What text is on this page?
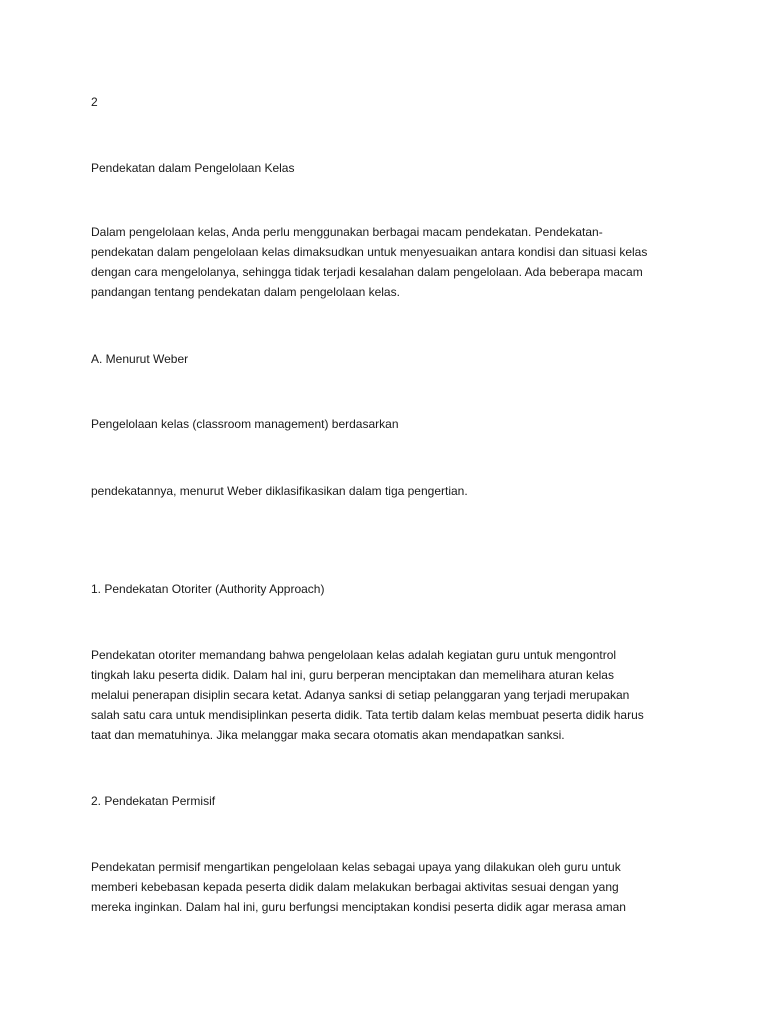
2

Pendekatan dalam Pengelolaan Kelas

Dalam pengelolaan kelas, Anda perlu menggunakan berbagai macam pendekatan. Pendekatan-
pendekatan dalam pengelolaan kelas dimaksudkan untuk menyesuaikan antara kondisi dan situasi kelas
dengan cara mengelolanya, sehingga tidak terjadi kesalahan dalam pengelolaan. Ada beberapa macam
pandangan tentang pendekatan dalam pengelolaan kelas.

A. Menurut Weber

Pengelolaan kelas (classroom management) berdasarkan

pendekatannya, menurut Weber diklasifikasikan dalam tiga pengertian.

1. Pendekatan Otoriter (Authority Approach)

Pendekatan otoriter memandang bahwa pengelolaan kelas adalah kegiatan guru untuk mengontrol
tingkah laku peserta didik. Dalam hal ini, guru berperan menciptakan dan memelihara aturan kelas
melalui penerapan disiplin secara ketat. Adanya sanksi di setiap pelanggaran yang terjadi merupakan
salah satu cara untuk mendisiplinkan peserta didik. Tata tertib dalam kelas membuat peserta didik harus
taat dan mematuhinya. Jika melanggar maka secara otomatis akan mendapatkan sanksi.

2. Pendekatan Permisif

Pendekatan permisif mengartikan pengelolaan kelas sebagai upaya yang dilakukan oleh guru untuk
memberi kebebasan kepada peserta didik dalam melakukan berbagai aktivitas sesuai dengan yang
mereka inginkan. Dalam hal ini, guru berfungsi menciptakan kondisi peserta didik agar merasa aman
